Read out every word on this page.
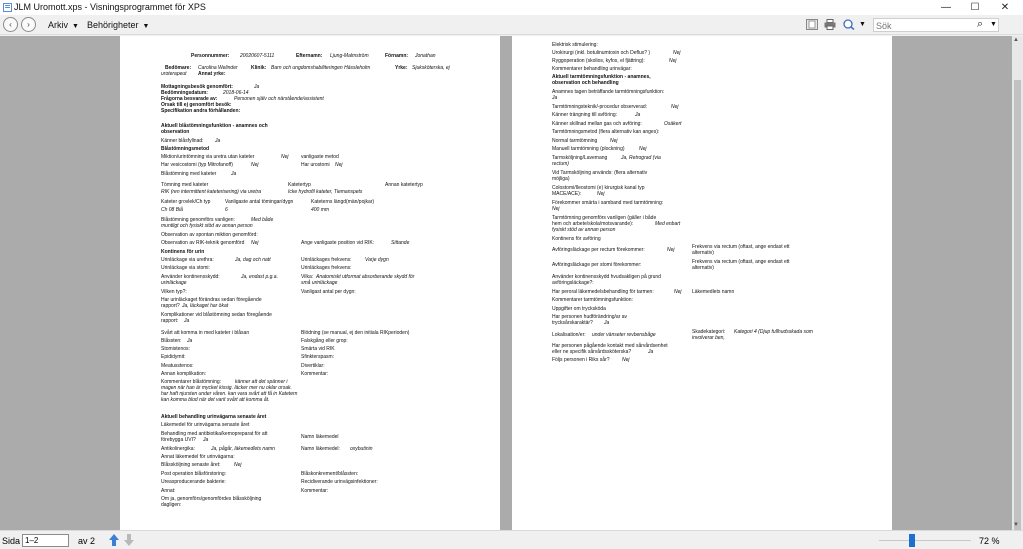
JLM Uromott.xps - Visningsprogrammet för XPS	—	☐	✕
‹	›	Arkiv ▼ Behörigheter ▼	▼
Sök	⌕ ▼
Personnummer: 20020607-5111	Efternamn: Ljung-Malmström	Förnamn: Jonathan
Bedömare: Carolina Welinder	Klinik: Barn och ungdomshabiliteringen Hässleholm	Yrke: Sjuksköterska, ej
uroterapeut Annat yrke:
Mottagningsbesök genomfört:	Ja
Bedömningsdatum:	2018-06-14
Frågorna besvarade av:	Personen själv och närstående/assistent
Orsak till ej genomfört besök:
Specifikation andra förhållanden:
Aktuell blåstömningsfunktion - anamnes och
observation
Känner blåsfyllnad: Ja
Blåstömningsmetod
Miktion/urintömning via uretra utan kateter	Nej vanligaste metod
Har vesicostomi (typ Mitrofanoff)	Nej	Har urostomi Nej
Blåstömning med kateter	Ja
Tömning med kateter	Katetertyp	Annan katetertyp
RIK (ren intermittent kateterisering) via uretra	Icke hydrofil kateter, Tiemanspets
Kateter grovlek/Ch typ	Vanligaste antal tömingar/dygn	Kateterns längd(män/pojkar)
Ch 08 Biå	6	400 mm
Blåstömning genomförs vanligen:	Med både
muntligt och fysiskt stöd av annan person
Observation av spontan miktion genomförd:
Observation av RIK-teknik genomförd Nej	Ange vanligaste position vid RIK:	Sittande
Kontinens för urin
Urinläckage via urethra:	Ja, dag och natt	Urinläckages frekvens:	Varje dygn
Urinläckage via stomi:	Urinläckages frekvens:
Använder kontinensskydd:	Ja, endast p.g.a.
urinläckage
Vilka: Anatomiskt utformat absorberande skydd för
små urinläckage
Vilken typ?:	Vanligast antal per dygn:
Har urinläckaget förändras sedan föregående
rapport? Ja, läckaget har ökat
Komplikationer vid blåstömning sedan föregående
rapport: Ja
Svårt att komma in med kateter i blåsan	Blödning (se manual, ej den initiala RIKperioden)
Blåssten: Ja	Falskgång eller grop:
Stomistenos:	Smärta vid RIK
Epididymit:	Sfinkterspasm:
Meatusstenos:	Divertiklar:
Annan komplikation:	Kommentar:
Kommentarer blåstömning:	känner att det spänner i magen när han är mycket kissig. läcker mer nu oklar orsak. har haft njursten under våren. kan vara svårt att få in Katetern kan komma blod när det varit svårt att komma åt.
Aktuell behandling urinvägarna senaste året
Läkemedel för urinvägarna senaste året
Behandling med antibiotika/kemopreparat för att
förebygga UVI? Ja	Namn läkemedel
Antikolinergika:	Ja, pågår, läkemedlets namn	Namn läkemedel: oxybutinin
Annat läkemedel för urinvägarna:
Blåssköljning senaste året:	Nej
Post operation blåsförstoring:	Blåskonkrement/blåssten:
Ureasproducerande bakterie:	Recidiverande urinvägsinfektioner:
Annat:	Kommentar:
Om ja, genomförs/genomfördes blåssköljning
dagligen:
Elektrisk stimulering:
Urokirurgi (inkl. botulinumtoxin och Deflux? )	Nej
Ryggoperation (skolios, kyfos, el fjättring):	Nej
Kommentarer behandling urinvägar:
Aktuell tarmtömningsfunktion - anamnes,
observation och behandling
Anamnes tagen beträffande tarmtömningsfunktion:
Ja
Tarmtömningsteknik/-procedur observerad:	Nej
Känner trängning till avföring:	Ja
Känner skillnad mellan gas och avföring:	Osäkert
Tarmtömningsmetod (flera alternativ kan anges):
Normal tarmtömning	Nej
Manuell tarmtömning (plockning)	Nej
Tarmsköljning/Lavemang	Ja, Retrograd (via
rectum)
Vid Tarmsköljning används: (flera alternativ
möjliga)
Colostomi/Ileostomi (e) kirurgisk kanal typ
MACE/ACE):	Nej
Förekommer smärta i samband med tarmtömning:
Nej
Tarmtömning genomförs vanligen (gäller i både
hem och arbete/skola/motsvarande):	Med enbart
fysiskt stöd av annan person
Kontinens för avföring
Avföringsläckage per rectum förekommer:	Nej	Frekvens via rectum (oftast, ange endast ett
alternativ)
Avföringsläckage per stomi förekommer:	Frekvens via rectum (oftast, ange endast ett
alternativ)
Använder kontinensskydd hvudsakligen på grund
avföringsläckage?:
Har peroral läkemedelsbehandling för tarmen:	Nej Läkemedlets namn
Kommentarer tarmtömningsfunktion:
Uppgifter om trycksköda
Har personen hudförändring/ar av
trycksårskaraktär? Ja
Lokalisation/er: under vänseter revbensbåge	Skadekategori: Kategori 4 (Djup fullhudsskada som
involverar ben,
Har personen pågående kontakt med sårvårdsenhet
eller ne specifik sårvårdssköterska?	Ja
Följs personen i Riks sår? Nej
▲
▼
Sida
1–2	av 2	72 %
